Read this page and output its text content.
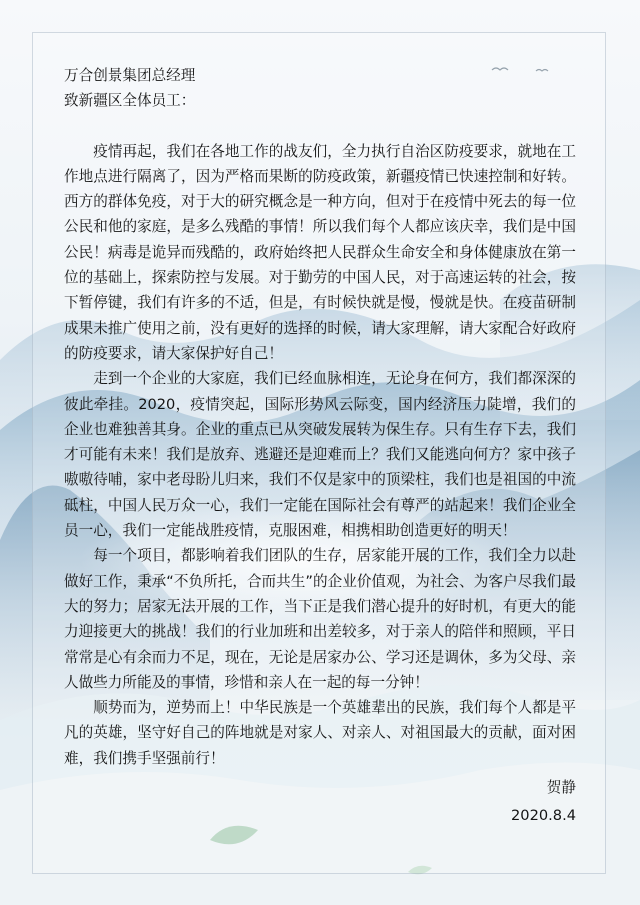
万合创景集团总经理

致新疆区全体员工：

疫情再起，我们在各地工作的战友们，全力执行自治区防疫要求，就地在工作地点进行隔离了，因为严格而果断的防疫政策，新疆疫情已快速控制和好转。西方的群体免疫，对于大的研究概念是一种方向，但对于在疫情中死去的每一位公民和他的家庭，是多么残酷的事情！所以我们每个人都应该庆幸，我们是中国公民！病毒是诡异而残酷的，政府始终把人民群众生命安全和身体健康放在第一位的基础上，探索防控与发展。对于勤劳的中国人民，对于高速运转的社会，按下暂停键，我们有许多的不适，但是，有时候快就是慢，慢就是快。在疫苗研制成果未推广使用之前，没有更好的选择的时候，请大家理解，请大家配合好政府的防疫要求，请大家保护好自己！

走到一个企业的大家庭，我们已经血脉相连，无论身在何方，我们都深深的彼此牵挂。2020，疫情突起，国际形势风云际变，国内经济压力陡增，我们的企业也难独善其身。企业的重点已从突破发展转为保生存。只有生存下去，我们才可能有未来！我们是放弃、逃避还是迎难而上？我们又能逃向何方？家中孩子嗷嗷待哺，家中老母盼儿归来，我们不仅是家中的顶梁柱，我们也是祖国的中流砥柱，中国人民万众一心，我们一定能在国际社会有尊严的站起来！我们企业全员一心，我们一定能战胜疫情，克服困难，相携相助创造更好的明天！

每一个项目，都影响着我们团队的生存，居家能开展的工作，我们全力以赴做好工作，秉承“不负所托，合而共生”的企业价值观，为社会、为客户尽我们最大的努力；居家无法开展的工作，当下正是我们潜心提升的好时机，有更大的能力迎接更大的挑战！我们的行业加班和出差较多，对于亲人的陪伴和照顾，平日常常是心有余而力不足，现在，无论是居家办公、学习还是调休，多为父母、亲人做些力所能及的事情，珍惜和亲人在一起的每一分钟！

顺势而为，逆势而上！中华民族是一个英雄辈出的民族，我们每个人都是平凡的英雄，坚守好自己的阵地就是对家人、对亲人、对祖国最大的贡献，面对困难，我们携手坚强前行！

贺静

2020.8.4
